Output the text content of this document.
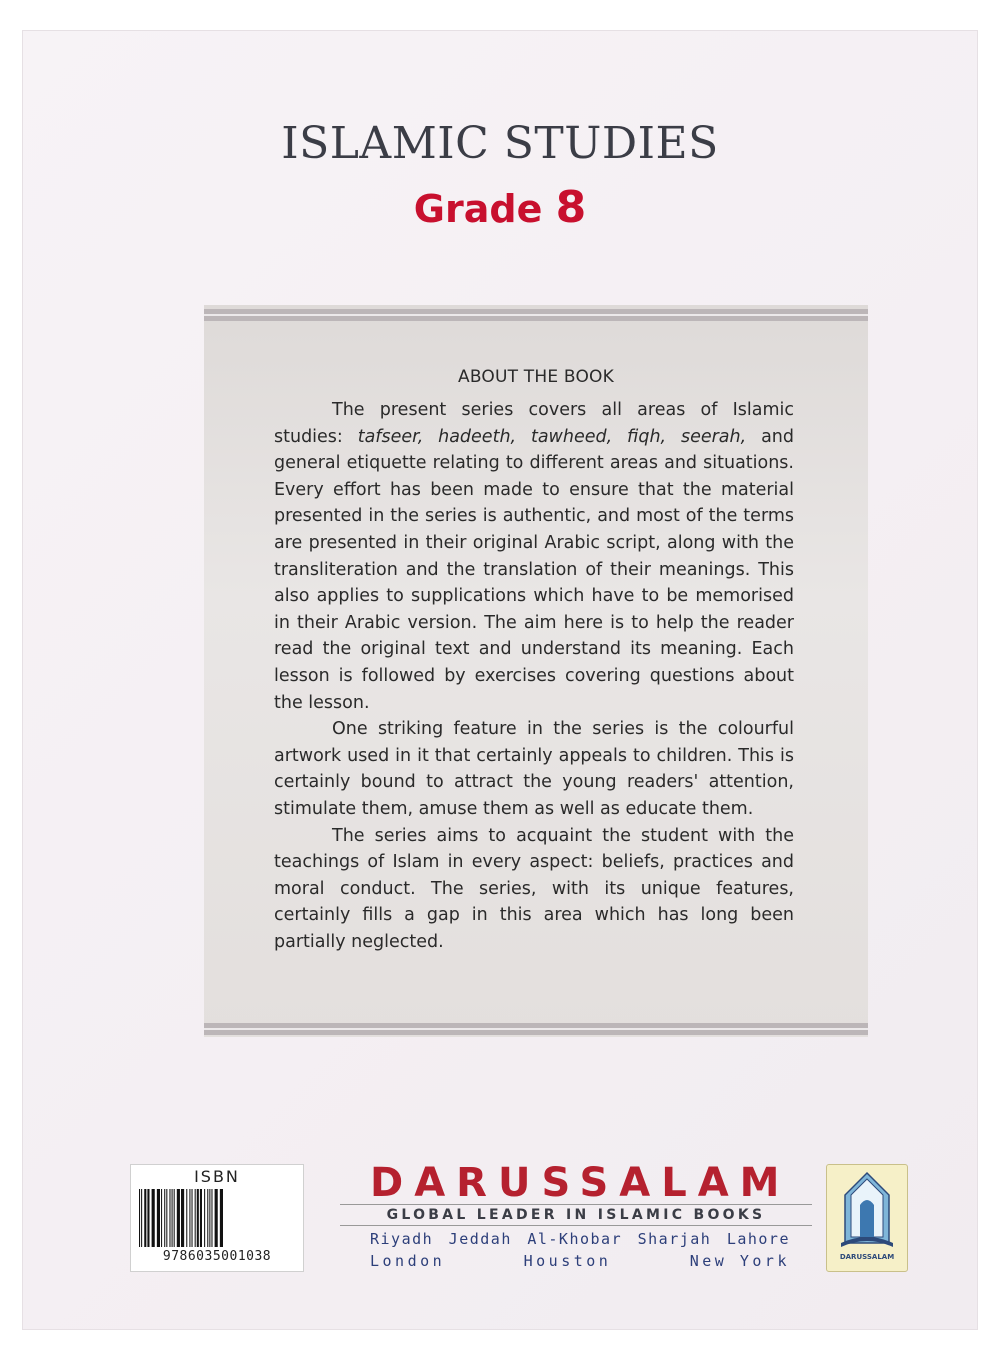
ISLAMIC STUDIES
Grade 8
ABOUT THE BOOK

The present series covers all areas of Islamic studies: tafseer, hadeeth, tawheed, fiqh, seerah, and general etiquette relating to different areas and situations. Every effort has been made to ensure that the material presented in the series is authentic, and most of the terms are presented in their original Arabic script, along with the transliteration and the translation of their meanings. This also applies to supplications which have to be memorised in their Arabic version. The aim here is to help the reader read the original text and understand its meaning. Each lesson is followed by exercises covering questions about the lesson.

One striking feature in the series is the colourful artwork used in it that certainly appeals to children. This is certainly bound to attract the young readers' attention, stimulate them, amuse them as well as educate them.

The series aims to acquaint the student with the teachings of Islam in every aspect: beliefs, practices and moral conduct. The series, with its unique features, certainly fills a gap in this area which has long been partially neglected.

ISBN
9786035001038
DARUSSALAM
GLOBAL LEADER IN ISLAMIC BOOKS
Riyadh Jeddah Al-Khobar Sharjah Lahore
London	Houston	New York	DARUSSALAM
